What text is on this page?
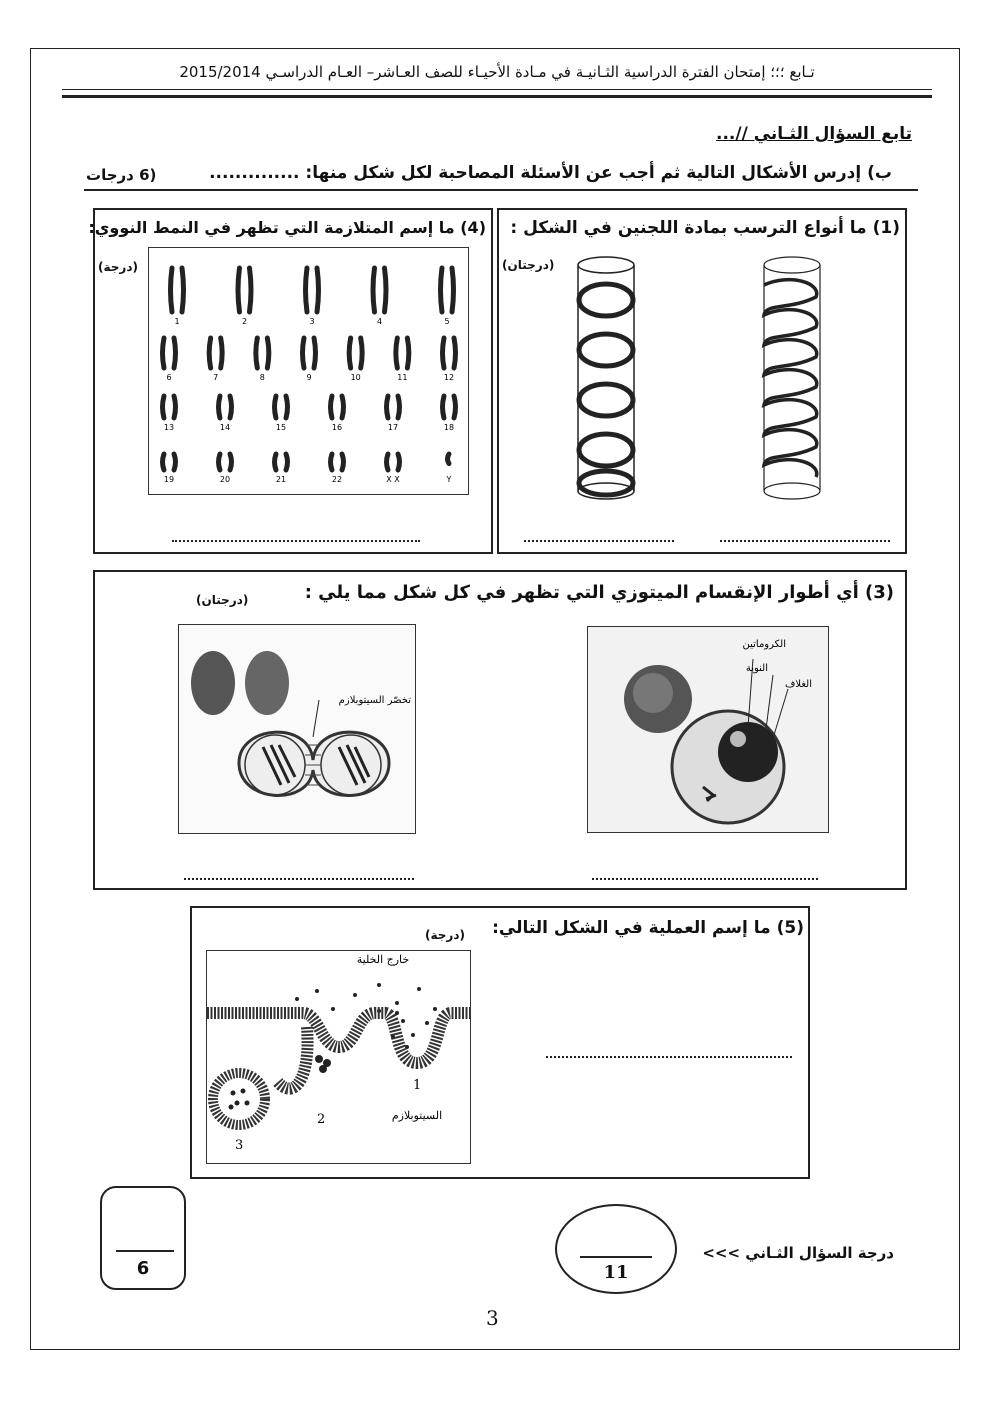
تـابع ؛؛؛ إمتحان الفترة الدراسية الثـانيـة في مـادة الأحيـاء للصف العـاشر– العـام الدراسـي 2015/2014
تابع السؤال الثـاني //...
ب) إدرس الأشكال التالية ثم أجب عن الأسئلة المصاحبة لكل شكل منها: ..............
(6 درجات
(1) ما أنواع الترسب بمادة اللجنين في الشكل :
(درجتان)
(4) ما إسم المتلازمة التي تظهر في النمط النووي:
(درجة)
1	2	3	4	5
6	7	8	9	10	11	12
13	14	15	16	17	18
19	20	21	22	X X	Y
(3) أي أطوار الإنقسام الميتوزي التي تظهر في كل شكل مما يلي :
(درجتان)
الكروماتين
النوية
الغلاف
تخصّر السيتوبلازم
(5) ما إسم العملية في الشكل التالي:
(درجة)
خارج الخلية
1
2
3
السيتوبلازم
6	11
درجة السؤال الثـاني >>>
3
